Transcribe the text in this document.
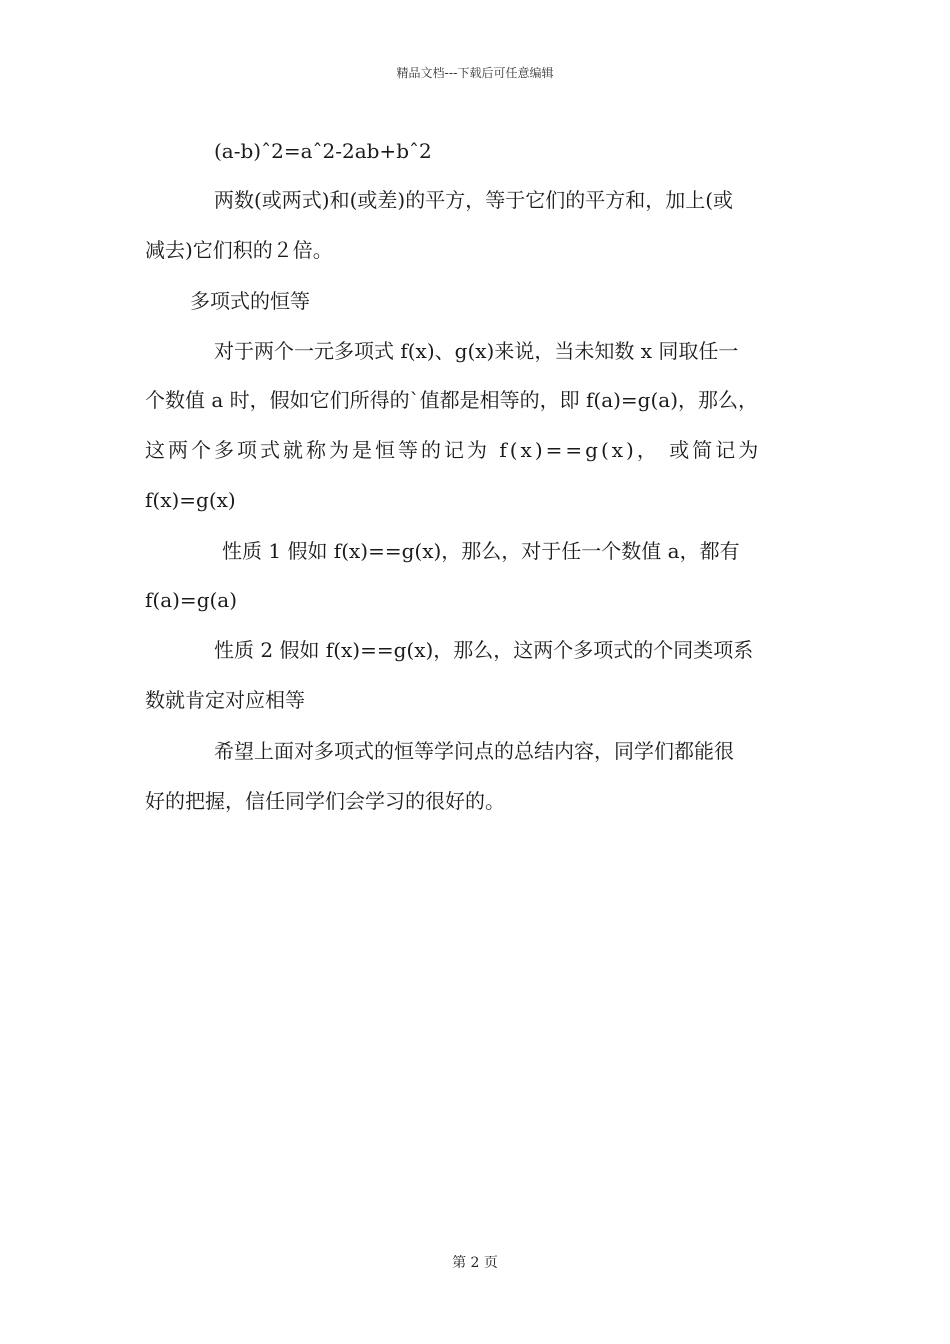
精品文档---下载后可任意编辑
(a-b)ˆ2=aˆ2-2ab+bˆ2
两数(或两式)和(或差)的平方，等于它们的平方和，加上(或
减去)它们积的２倍。
多项式的恒等
对于两个一元多项式 f(x)、g(x)来说，当未知数 x 同取任一
个数值 a 时，假如它们所得的`值都是相等的，即 f(a)=g(a)，那么，
这两个多项式就称为是恒等的记为 f(x)==g(x)， 或简记为
f(x)=g(x)
性质 1 假如 f(x)==g(x)，那么，对于任一个数值 a，都有
f(a)=g(a)
性质 2 假如 f(x)==g(x)，那么，这两个多项式的个同类项系
数就肯定对应相等
希望上面对多项式的恒等学问点的总结内容，同学们都能很
好的把握，信任同学们会学习的很好的。
第 2 页
